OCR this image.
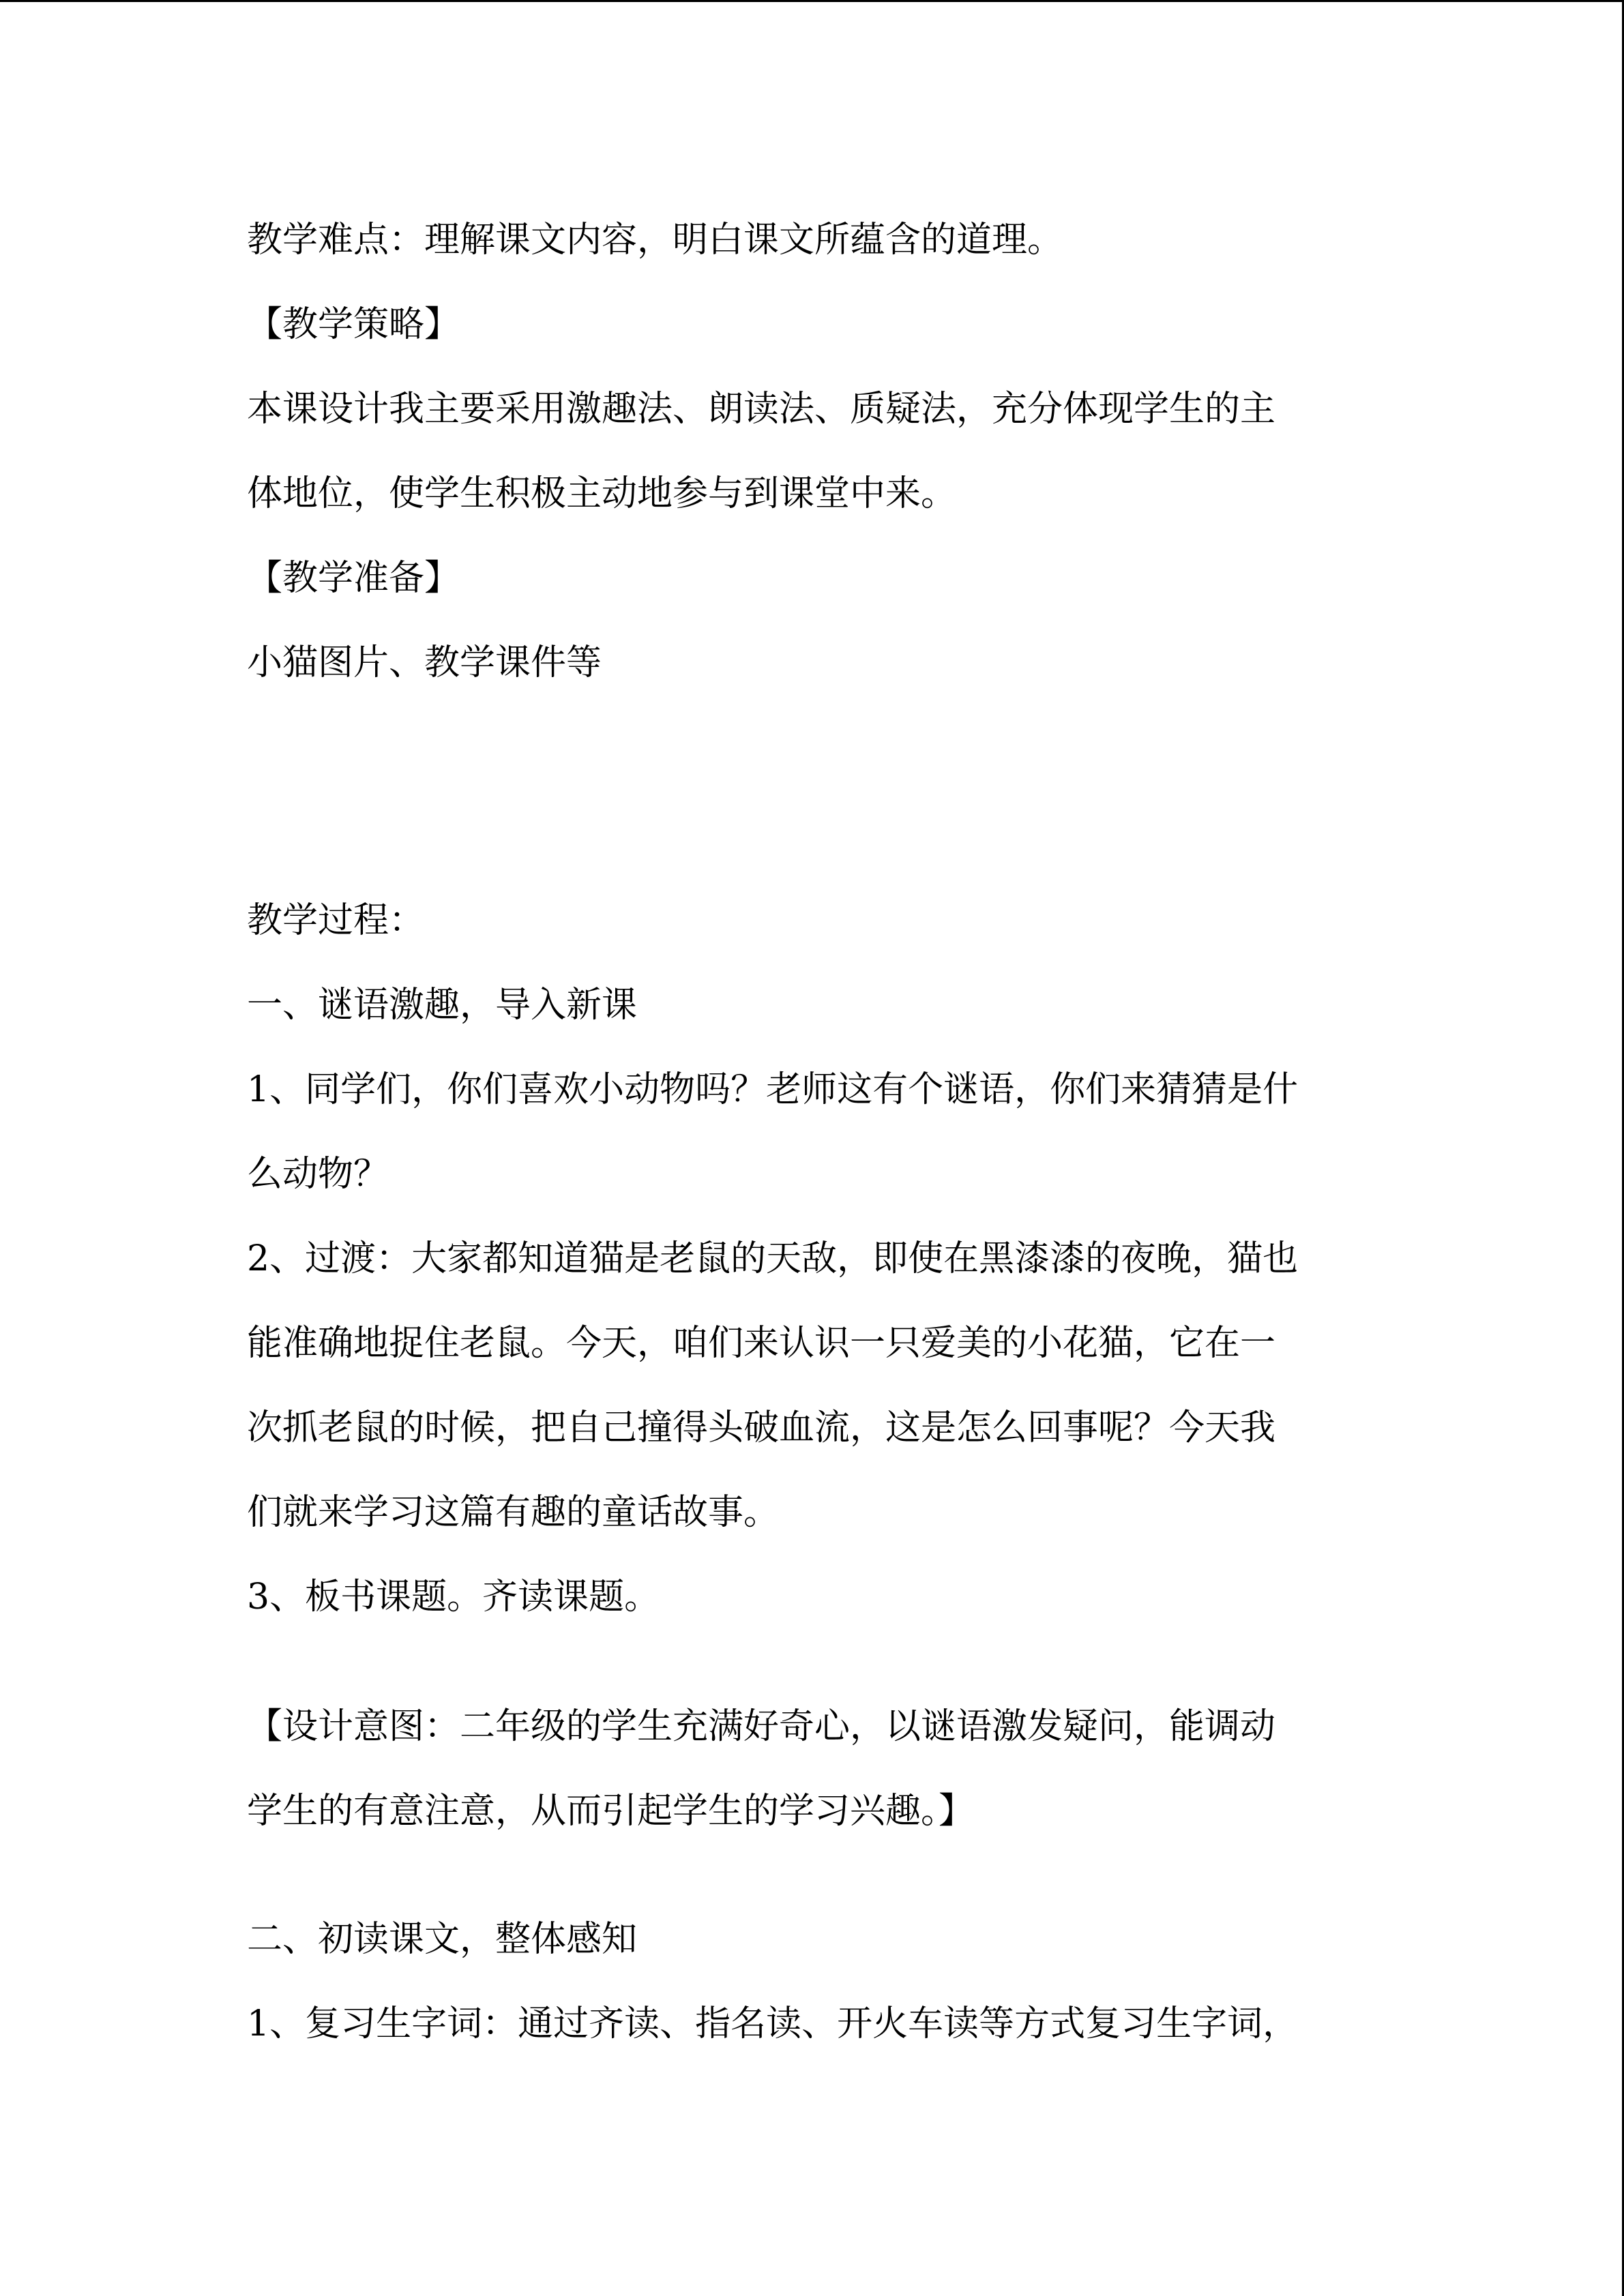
教学难点：理解课文内容，明白课文所蕴含的道理。
【教学策略】
本课设计我主要采用激趣法、朗读法、质疑法，充分体现学生的主
体地位，使学生积极主动地参与到课堂中来。
【教学准备】
小猫图片、教学课件等
教学过程：
一、谜语激趣，导入新课
1、同学们，你们喜欢小动物吗？老师这有个谜语，你们来猜猜是什
么动物？
2、过渡：大家都知道猫是老鼠的天敌，即使在黑漆漆的夜晚，猫也
能准确地捉住老鼠。今天，咱们来认识一只爱美的小花猫，它在一
次抓老鼠的时候，把自己撞得头破血流，这是怎么回事呢？今天我
们就来学习这篇有趣的童话故事。
3、板书课题。齐读课题。
【设计意图：二年级的学生充满好奇心，以谜语激发疑问，能调动
学生的有意注意，从而引起学生的学习兴趣。】
二、初读课文，整体感知
1、复习生字词：通过齐读、指名读、开火车读等方式复习生字词，
